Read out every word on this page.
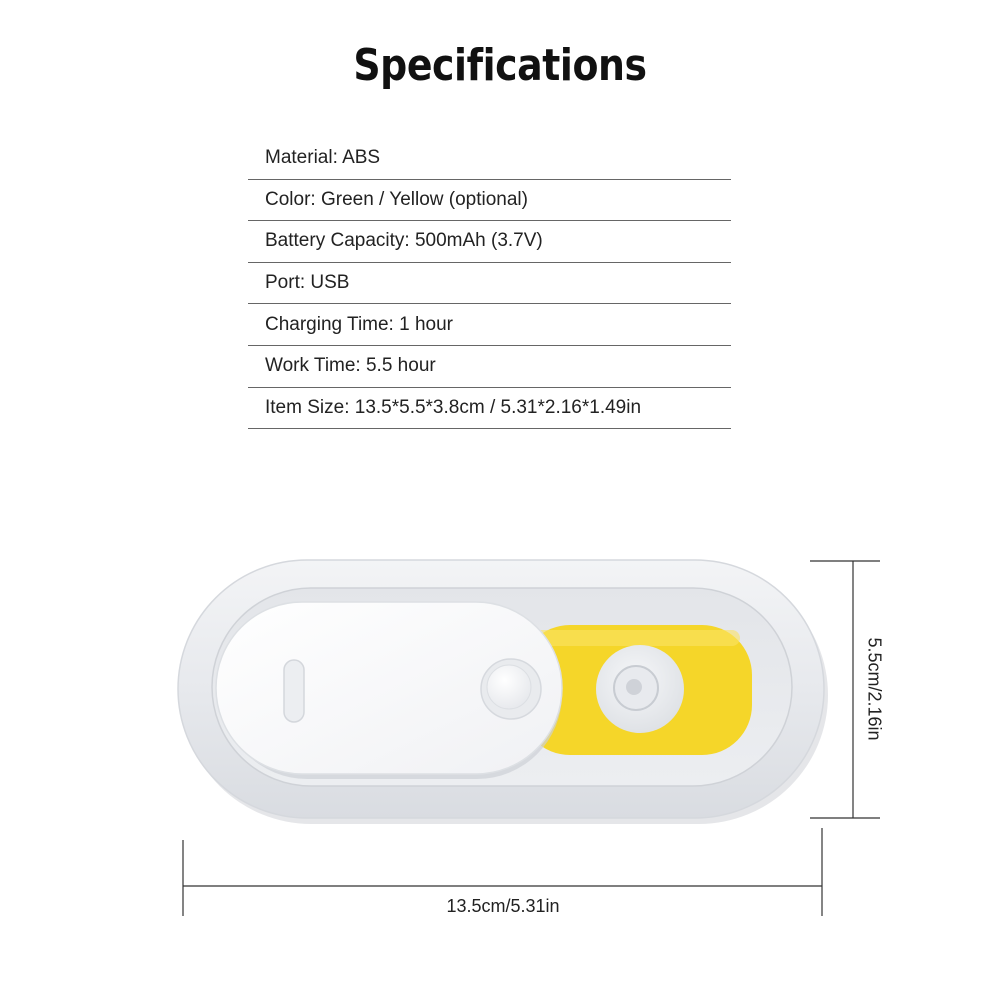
Specifications
Material: ABS
Color: Green / Yellow (optional)
Battery Capacity: 500mAh (3.7V)
Port: USB
Charging Time: 1 hour
Work Time: 5.5 hour
Item Size: 13.5*5.5*3.8cm / 5.31*2.16*1.49in
5.5cm/2.16in
13.5cm/5.31in
